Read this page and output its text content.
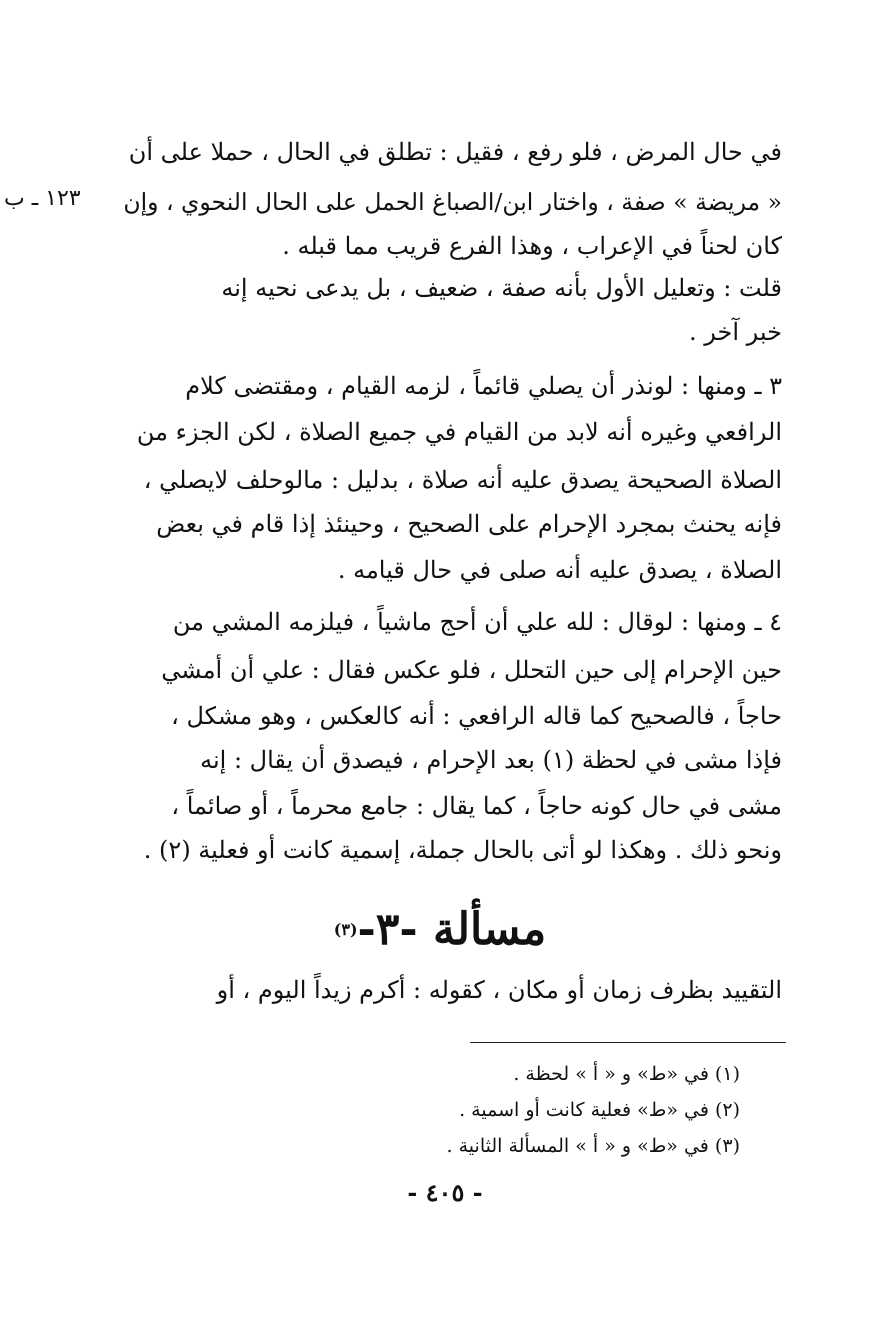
١٢٣ ـ ب
في حال المرض ، فلو رفع ، فقيل : تطلق في الحال ، حملا على أن
« مريضة » صفة ، واختار ابن/الصباغ الحمل على الحال النحوي ، وإن
كان لحناً في الإعراب ، وهذا الفرع قريب مما قبله .
قلت : وتعليل الأول بأنه صفة ، ضعيف ، بل يدعى نحيه إنه
خبر آخر .
٣ ـ ومنها : لونذر أن يصلي قائماً ، لزمه القيام ، ومقتضى كلام
الرافعي وغيره أنه لابد من القيام في جميع الصلاة ، لكن الجزء من
الصلاة الصحيحة يصدق عليه أنه صلاة ، بدليل : مالوحلف لايصلي ،
فإنه يحنث بمجرد الإحرام على الصحيح ، وحينئذ إذا قام في بعض
الصلاة ، يصدق عليه أنه صلى في حال قيامه .
٤ ـ ومنها : لوقال : لله علي أن أحج ماشياً ، فيلزمه المشي من
حين الإحرام إلى حين التحلل ، فلو عكس فقال : علي أن أمشي
حاجاً ، فالصحيح كما قاله الرافعي : أنه كالعكس ، وهو مشكل ،
فإذا مشى في لحظة (١) بعد الإحرام ، فيصدق أن يقال : إنه
مشى في حال كونه حاجاً ، كما يقال : جامع محرماً ، أو صائماً ،
ونحو ذلك . وهكذا لو أتى بالحال جملة، إسمية كانت أو فعلية (٢) .
مسألة -٣-$^{(٣)}$
التقييد بظرف زمان أو مكان ، كقوله : أكرم زيداً اليوم ، أو
(١) في «ط» و « أ » لحظة .
(٢) في «ط» فعلية كانت أو اسمية .
(٣) في «ط» و « أ » المسألة الثانية .
- ٤٠٥ -
